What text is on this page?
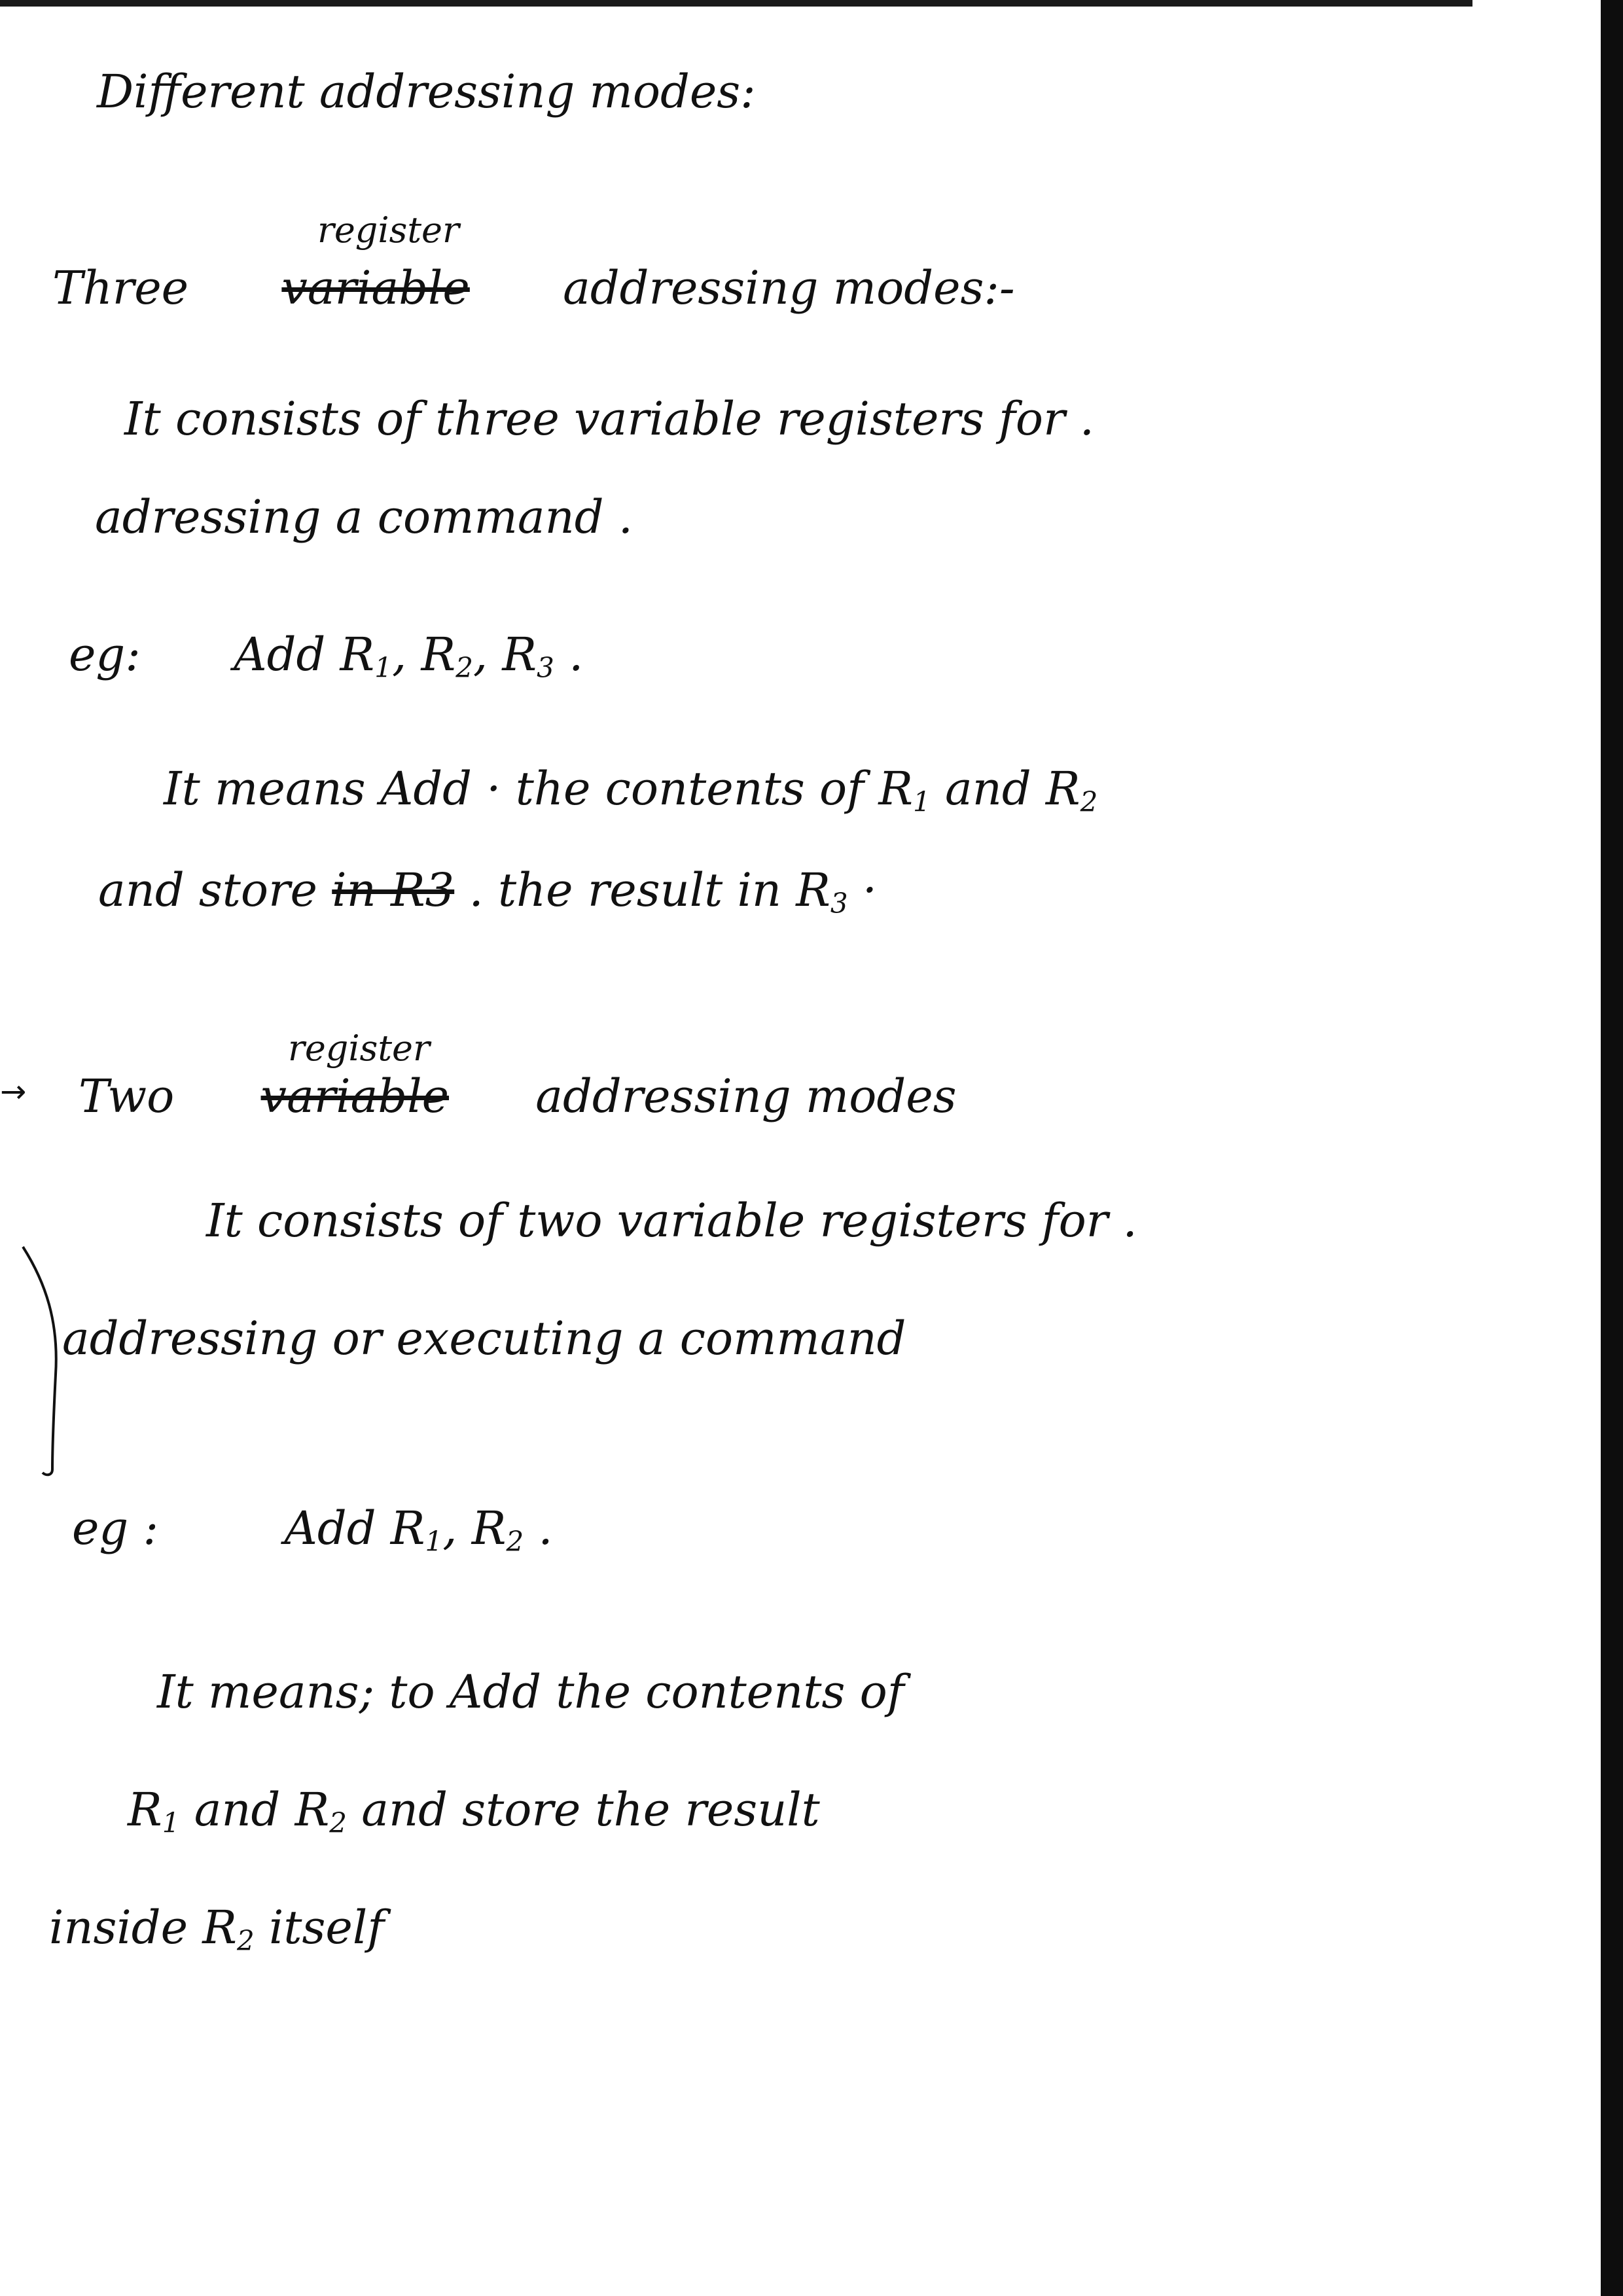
Different addressing modes:
register
Three variable addressing modes:-
It consists of three variable registers for .
adressing a command .
eg: Add $R_1$, $R_2$, $R_3$ .
It means Add · the contents of $R_1$ and $R_2$
and store in R3 . the result in $R_3$ ·
→
register
Two variable addressing modes
It consists of two variable registers for .
addressing or executing a command
eg :	Add $R_1$, $R_2$ .
It means; to Add the contents of
$R_1$ and $R_2$ and store the result
inside $R_2$ itself
